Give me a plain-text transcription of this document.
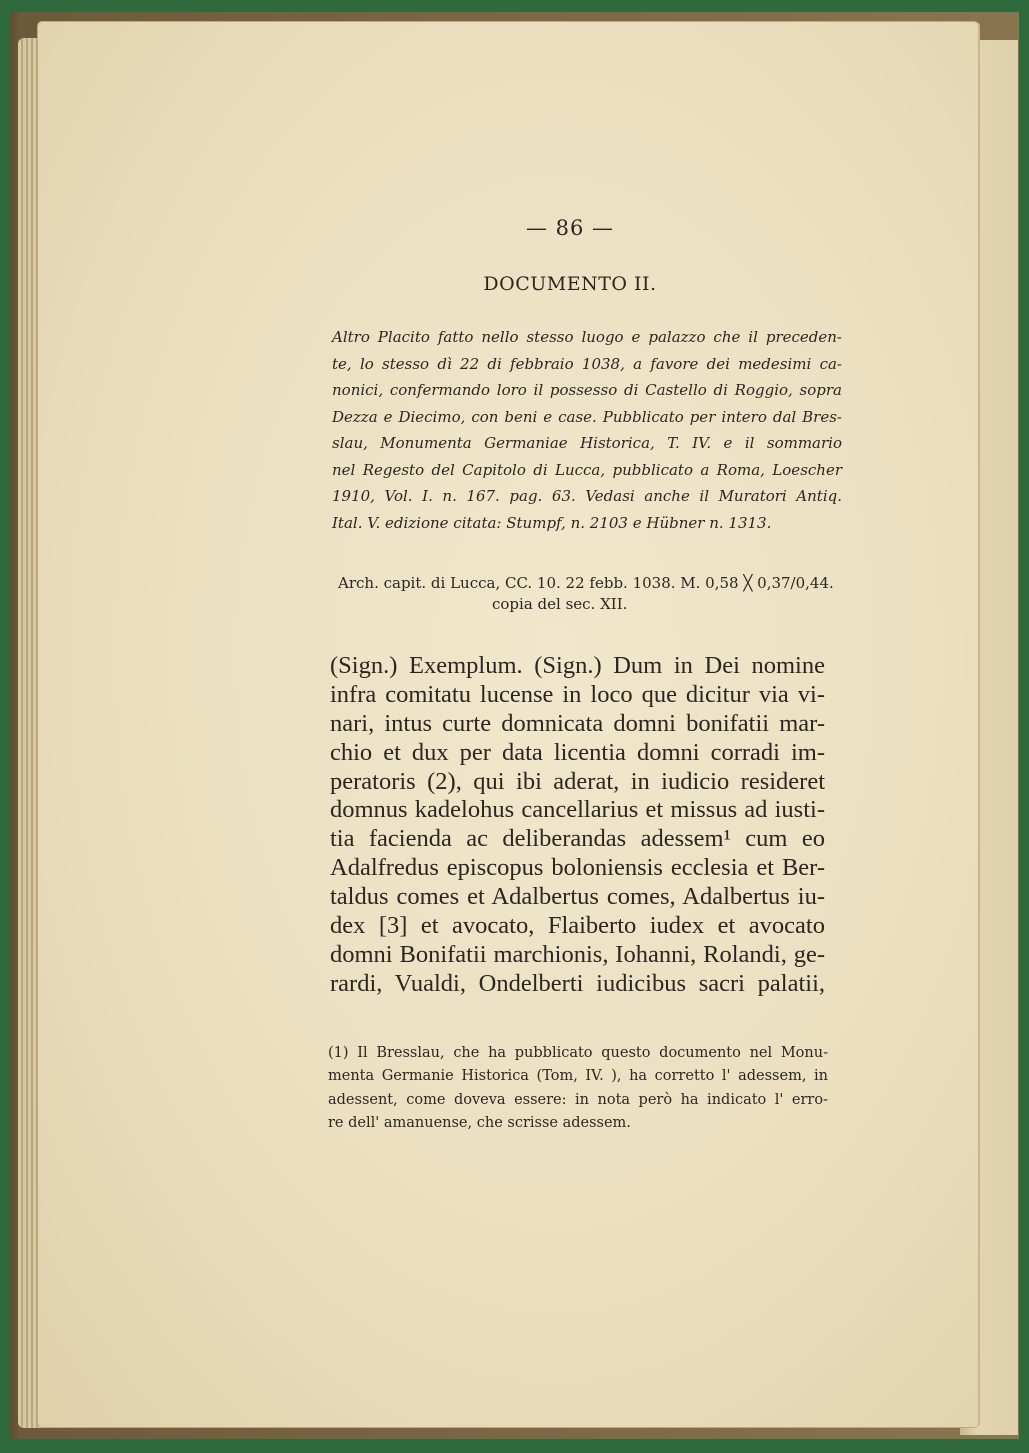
— 86 —
DOCUMENTO II.
Altro Placito fatto nello stesso luogo e palazzo che il preceden-
te, lo stesso dì 22 di febbraio 1038, a favore dei medesimi ca-
nonici, confermando loro il possesso di Castello di Roggio, sopra
Dezza e Diecimo, con beni e case. Pubblicato per intero dal Bres-
slau, Monumenta Germaniae Historica, T. IV. e il sommario
nel Regesto del Capitolo di Lucca, pubblicato a Roma, Loescher
1910, Vol. I. n. 167. pag. 63. Vedasi anche il Muratori Antiq.
Ital. V. edizione citata: Stumpf, n. 2103 e Hübner n. 1313.
Arch. capit. di Lucca, CC. 10. 22 febb. 1038. M. 0,58 ╳ 0,37/0,44.
copia del sec. XII.
(Sign.) Exemplum. (Sign.) Dum in Dei nomine
infra comitatu lucense in loco que dicitur via vi-
nari, intus curte domnicata domni bonifatii mar-
chio et dux per data licentia domni corradi im-
peratoris (2), qui ibi aderat, in iudicio resideret
domnus kadelohus cancellarius et missus ad iusti-
tia facienda ac deliberandas adessem¹ cum eo
Adalfredus episcopus boloniensis ecclesia et Ber-
taldus comes et Adalbertus comes, Adalbertus iu-
dex [3] et avocato, Flaiberto iudex et avocato
domni Bonifatii marchionis, Iohanni, Rolandi, ge-
rardi, Vualdi, Ondelberti iudicibus sacri palatii,
(1) Il Bresslau, che ha pubblicato questo documento nel Monu-
menta Germanie Historica (Tom, IV. ), ha corretto l' adessem, in
adessent, come doveva essere: in nota però ha indicato l' erro-
re dell' amanuense, che scrisse adessem.
